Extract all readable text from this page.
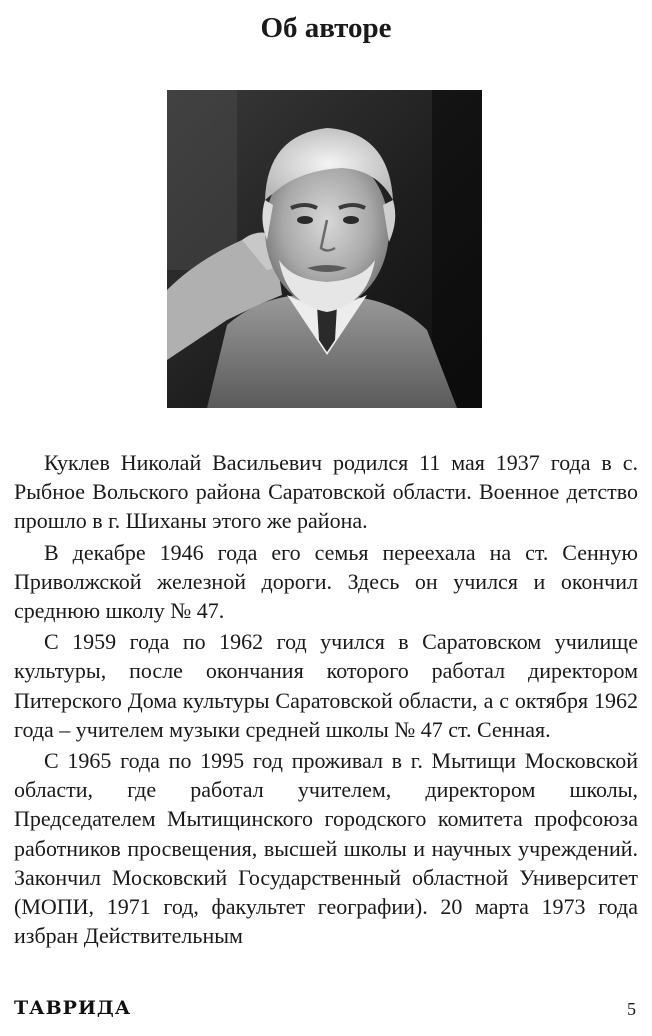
Об авторе

Куклев Николай Васильевич родился 11 мая 1937 года в с. Рыбное Вольского района Саратовской области. Военное детство прошло в г. Шиханы этого же района.

В декабре 1946 года его семья переехала на ст. Сенную Приволжской железной дороги. Здесь он учился и окончил среднюю школу № 47.

С 1959 года по 1962 год учился в Саратовском училище культуры, после окончания которого работал директором Питерского Дома культуры Саратовской области, а с октября 1962 года – учителем музыки средней школы № 47 ст. Сенная.

С 1965 года по 1995 год проживал в г. Мытищи Московской области, где работал учителем, директором школы, Председателем Мытищинского городского комитета профсоюза работников просвещения, высшей школы и научных учреждений. Закончил Московский Государственный областной Университет (МОПИ, 1971 год, факультет географии). 20 марта 1973 года избран Действительным

ТАВРИДА	5
